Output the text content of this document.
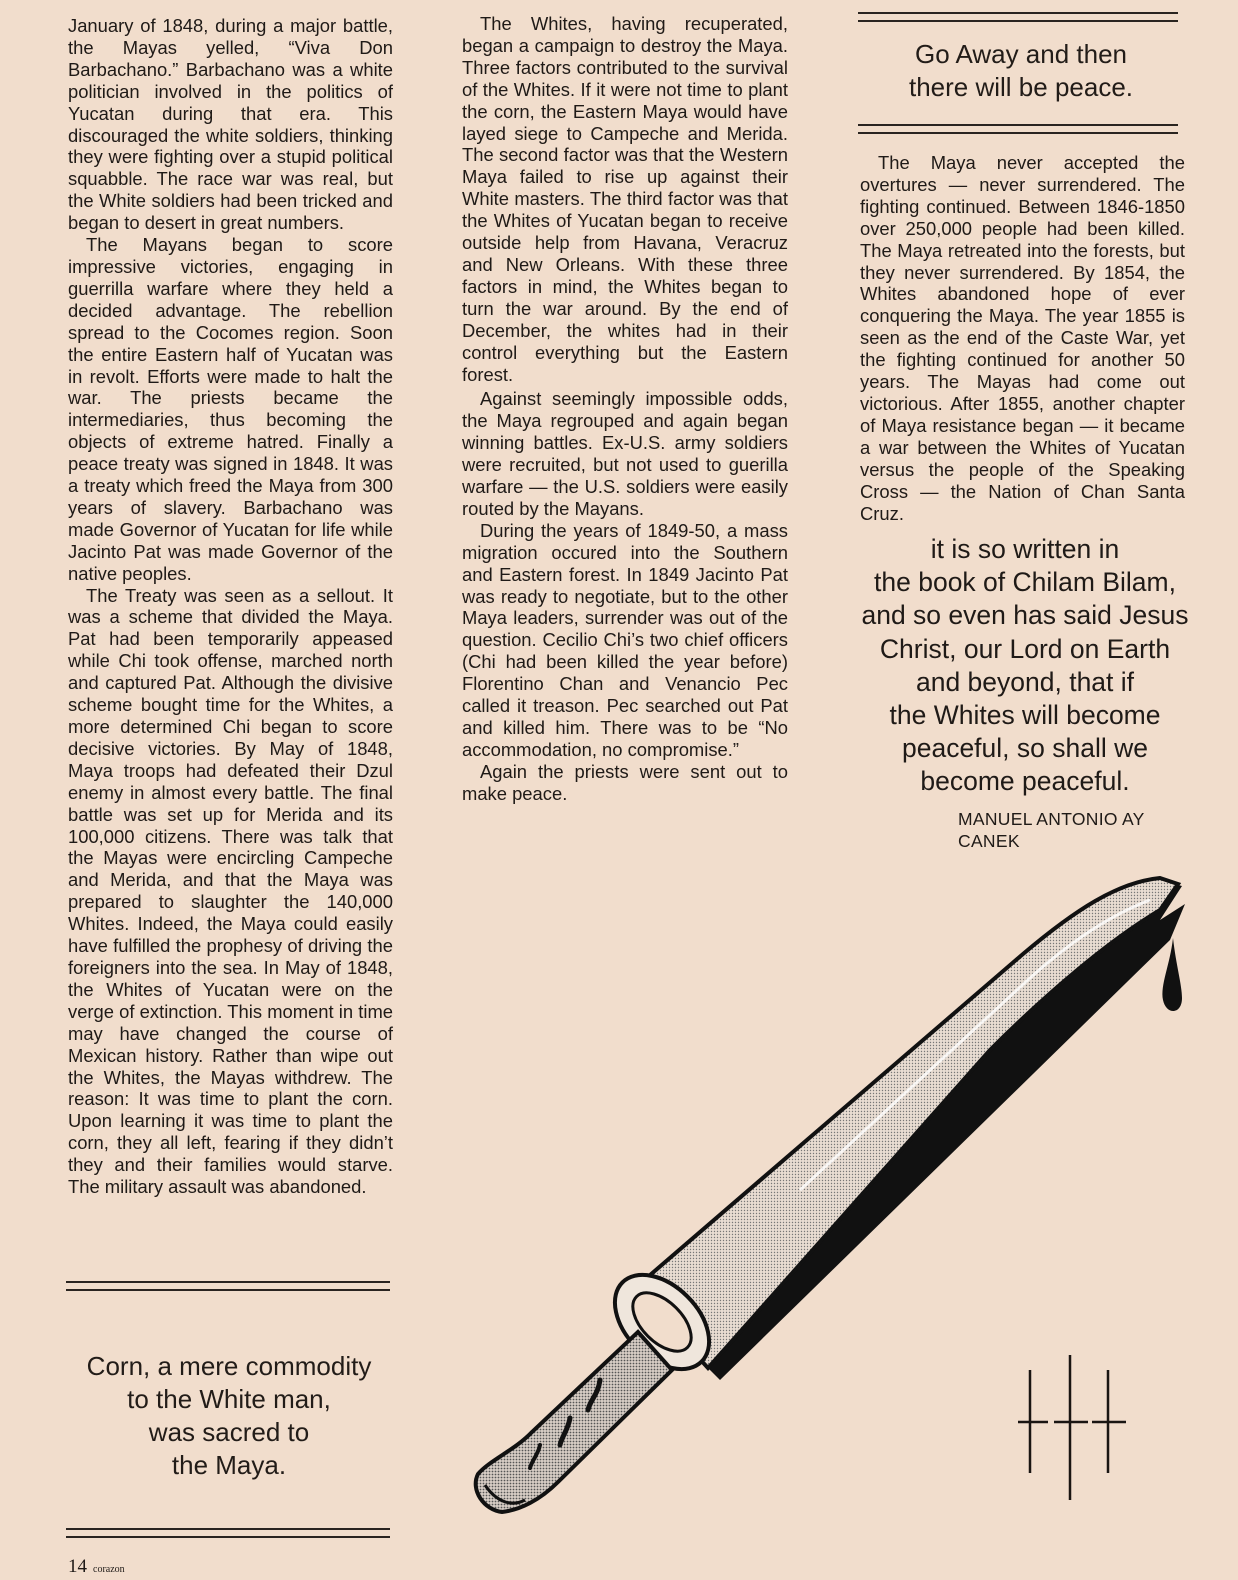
January of 1848, during a major battle, the Mayas yelled, “Viva Don Barbachano.” Barbachano was a white politician involved in the politics of Yucatan during that era. This discouraged the white soldiers, thinking they were fighting over a stupid political squabble. The race war was real, but the White soldiers had been tricked and began to desert in great numbers.

The Mayans began to score impressive victories, engaging in guerrilla warfare where they held a decided advantage. The rebellion spread to the Cocomes region. Soon the entire Eastern half of Yucatan was in revolt. Efforts were made to halt the war. The priests became the intermediaries, thus becoming the objects of extreme hatred. Finally a peace treaty was signed in 1848. It was a treaty which freed the Maya from 300 years of slavery. Barbachano was made Governor of Yucatan for life while Jacinto Pat was made Governor of the native peoples.

The Treaty was seen as a sellout. It was a scheme that divided the Maya. Pat had been temporarily appeased while Chi took offense, marched north and captured Pat. Although the divisive scheme bought time for the Whites, a more determined Chi began to score decisive victories. By May of 1848, Maya troops had defeated their Dzul enemy in almost every battle. The final battle was set up for Merida and its 100,000 citizens. There was talk that the Mayas were encircling Campeche and Merida, and that the Maya was prepared to slaughter the 140,000 Whites. Indeed, the Maya could easily have fulfilled the prophesy of driving the foreigners into the sea. In May of 1848, the Whites of Yucatan were on the verge of extinction. This moment in time may have changed the course of Mexican history. Rather than wipe out the Whites, the Mayas withdrew. The reason: It was time to plant the corn. Upon learning it was time to plant the corn, they all left, fearing if they didn’t they and their families would starve. The military assault was abandoned.

The Whites, having recuperated, began a campaign to destroy the Maya. Three factors contributed to the survival of the Whites. If it were not time to plant the corn, the Eastern Maya would have layed siege to Campeche and Merida. The second factor was that the Western Maya failed to rise up against their White masters. The third factor was that the Whites of Yucatan began to receive outside help from Havana, Veracruz and New Orleans. With these three factors in mind, the Whites began to turn the war around. By the end of December, the whites had in their control everything but the Eastern forest.

Against seemingly impossible odds, the Maya regrouped and again began winning battles. Ex-U.S. army soldiers were recruited, but not used to guerilla warfare — the U.S. soldiers were easily routed by the Mayans.

During the years of 1849-50, a mass migration occured into the Southern and Eastern forest. In 1849 Jacinto Pat was ready to negotiate, but to the other Maya leaders, surrender was out of the question. Cecilio Chi’s two chief officers (Chi had been killed the year before) Florentino Chan and Venancio Pec called it treason. Pec searched out Pat and killed him. There was to be “No accommodation, no compromise.”

Again the priests were sent out to make peace.

Go Away and then
there will be peace.

The Maya never accepted the overtures — never surrendered. The fighting continued. Between 1846-1850 over 250,000 people had been killed. The Maya retreated into the forests, but they never surrendered. By 1854, the Whites abandoned hope of ever conquering the Maya. The year 1855 is seen as the end of the Caste War, yet the fighting continued for another 50 years. The Mayas had come out victorious. After 1855, another chapter of Maya resistance began — it became a war between the Whites of Yucatan versus the people of the Speaking Cross — the Nation of Chan Santa Cruz.

it is so written in
the book of Chilam Bilam,
and so even has said Jesus
Christ, our Lord on Earth
and beyond, that if
the Whites will become
peaceful, so shall we
become peaceful.
MANUEL ANTONIO AY
CANEK
Corn, a mere commodity
to the White man,
was sacred to
the Maya.
14 corazon
